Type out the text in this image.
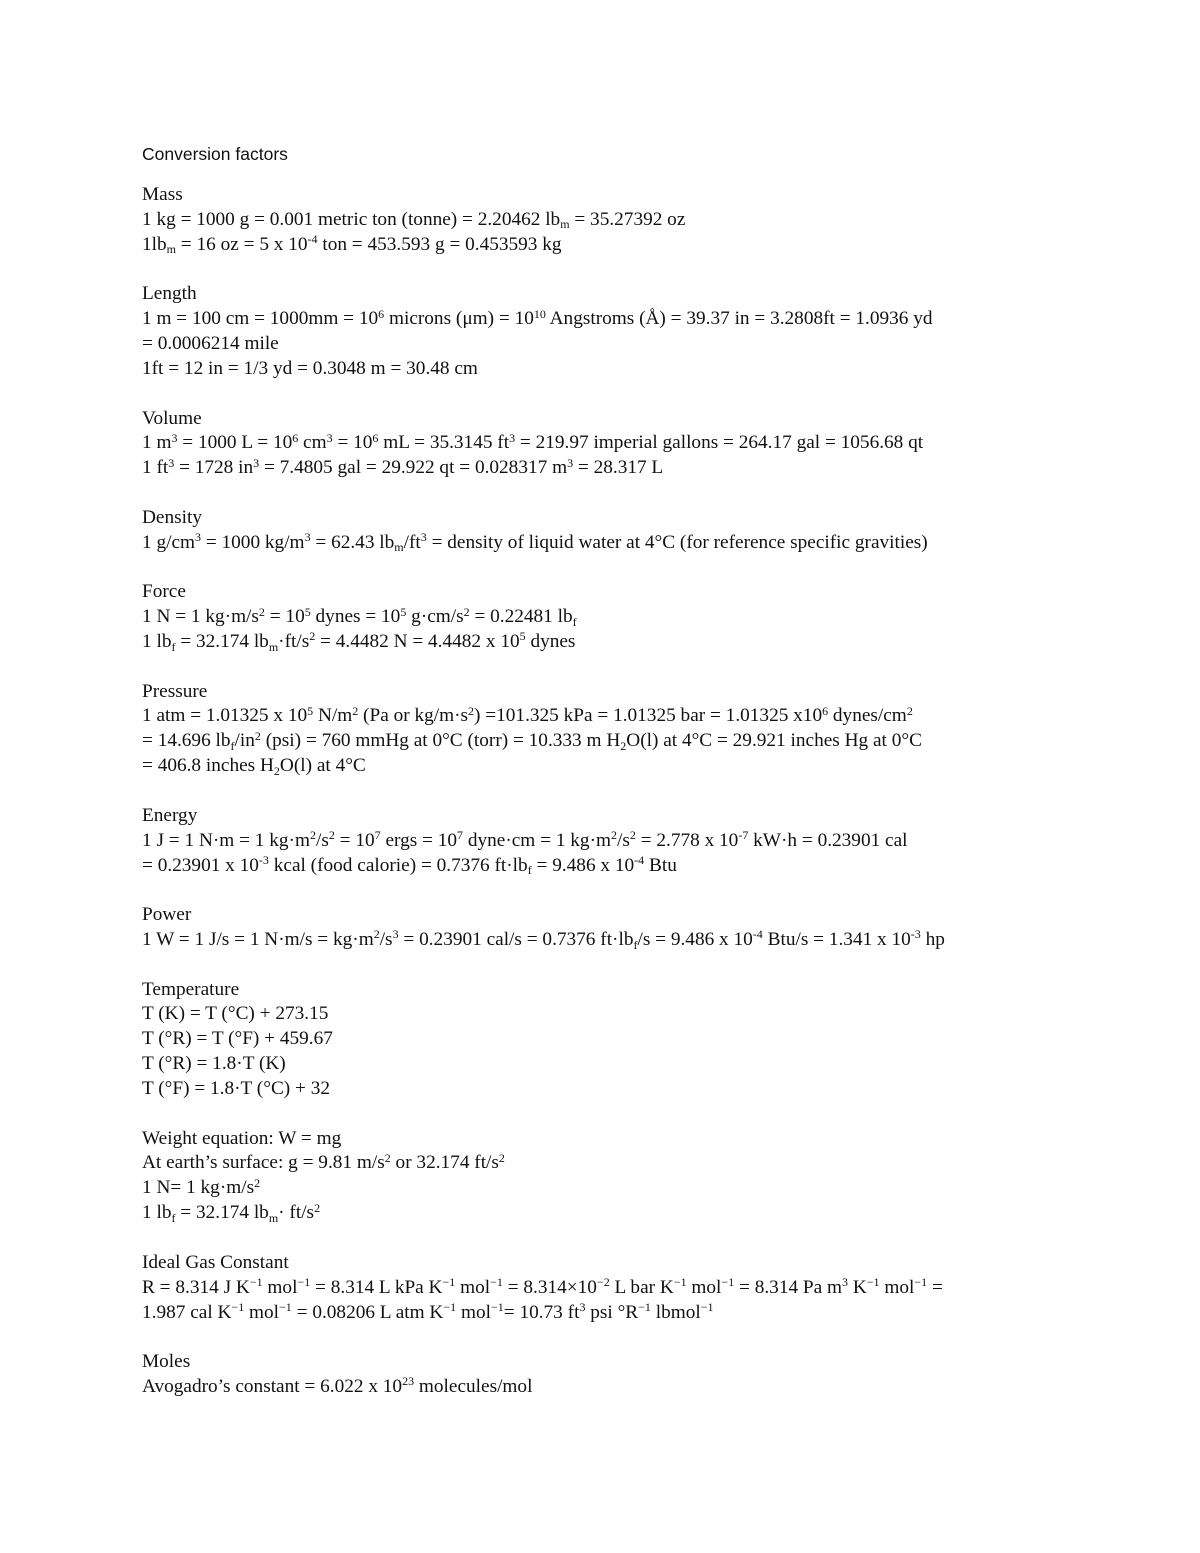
Conversion factors
Mass
1 kg = 1000 g = 0.001 metric ton (tonne) = 2.20462 $lb_m = 35.27392$ oz
$1lb_m = 16$ oz = 5 x $10^{-4}$ ton = 453.593 g = 0.453593 kg
Length
1 m = 100 cm = $1000mm = 10^6$ microns $(\mu m) = 10^{10}$ Angstroms (Å) = 39.37 in = 3.2808ft = 1.0936 yd
= 0.0006214 mile
1ft = 12 in = 1/3 yd = 0.3048 m = 30.48 cm
Volume
1 $m^3 = 1000$ $L = 10^6$ $cm^3 = 10^6$ mL = 35.3145 $ft^3 = 219.97$ imperial gallons = 264.17 gal = 1056.68 qt
1 $ft^3 = 1728$ $in^3 = 7.4805$ gal = 29.922 qt = 0.028317 $m^3 = 28.317$ L
Density
1 $g/cm^3 = 1000$ $kg/m^3 = 62.43$ $lb_m/ft^3$ = density of liquid water at 4°C (for reference specific gravities)
Force
1 N = 1 $kg\cdot m/s^2 = 10^5$ dynes = $10^5$ $g\cdot cm/s^2 = 0.22481$ $lb_f$
1 $lb_f = 32.174$ $lb_m\cdot ft/s^2 = 4.4482$ N = 4.4482 x $10^5$ dynes
Pressure
1 atm = 1.01325 x $10^5$ $N/m^2$ (Pa or $kg/m\cdot s^2) =101.325$ kPa = 1.01325 bar = 1.01325 $x10^6$ dynes/$cm^2$
= 14.696 $lb_f/in^2$ (psi) = 760 mmHg at 0°C (torr) = 10.333 m $H_2O(l)$ at 4°C = 29.921 inches Hg at 0°C
= 406.8 inches $H_2O(l)$ at 4°C
Energy
1 J = 1 N·m = 1 $kg\cdot m^2/s^2 = 10^7$ ergs = $10^7$ dyne·cm = 1 $kg\cdot m^2/s^2 = 2.778$ x $10^{-7}$ kW·h = 0.23901 cal
= 0.23901 x $10^{-3}$ kcal (food calorie) = 0.7376 $ft\cdot lb_f = 9.486$ x $10^{-4}$ Btu
Power
1 W = 1 J/s = 1 $N\cdot m/s = kg\cdot m^2/s^3 = 0.23901$ cal/s = 0.7376 $ft\cdot lb_f/s = 9.486$ x $10^{-4}$ Btu/s = 1.341 x $10^{-3}$ hp
Temperature
T (K) = T (°C) + 273.15
T (°R) = T (°F) + 459.67
T (°R) = 1.8·T (K)
T (°F) = 1.8·T (°C) + 32
Weight equation: W = mg
At earth’s surface: g = 9.81 $m/s^2$ or 32.174 $ft/s^2$
1 N= 1 $kg\cdot m/s^2$
1 $lb_f = 32.174$ $lb_m\cdot ft/s^2$
Ideal Gas Constant
R = 8.314 J $K^{-1}$ mol$^{-1}$ = 8.314 L kPa $K^{-1}$ $mol^{-1} = 8.314\times 10^{-2}$ L bar $K^{-1}$ mol$^{-1}$ = 8.314 Pa $m^3$ $K^{-1}$ mol$^{-1}$ =
1.987 cal $K^{-1}$ mol$^{-1}$ = 0.08206 L atm $K^{-1}$ mol$^{-1}$= 10.73 $ft^3$ psi $^\circ R^{-1}$ lbmol$^{-1}$
Moles
Avogadro’s constant = 6.022 x $10^{23}$ molecules/mol
